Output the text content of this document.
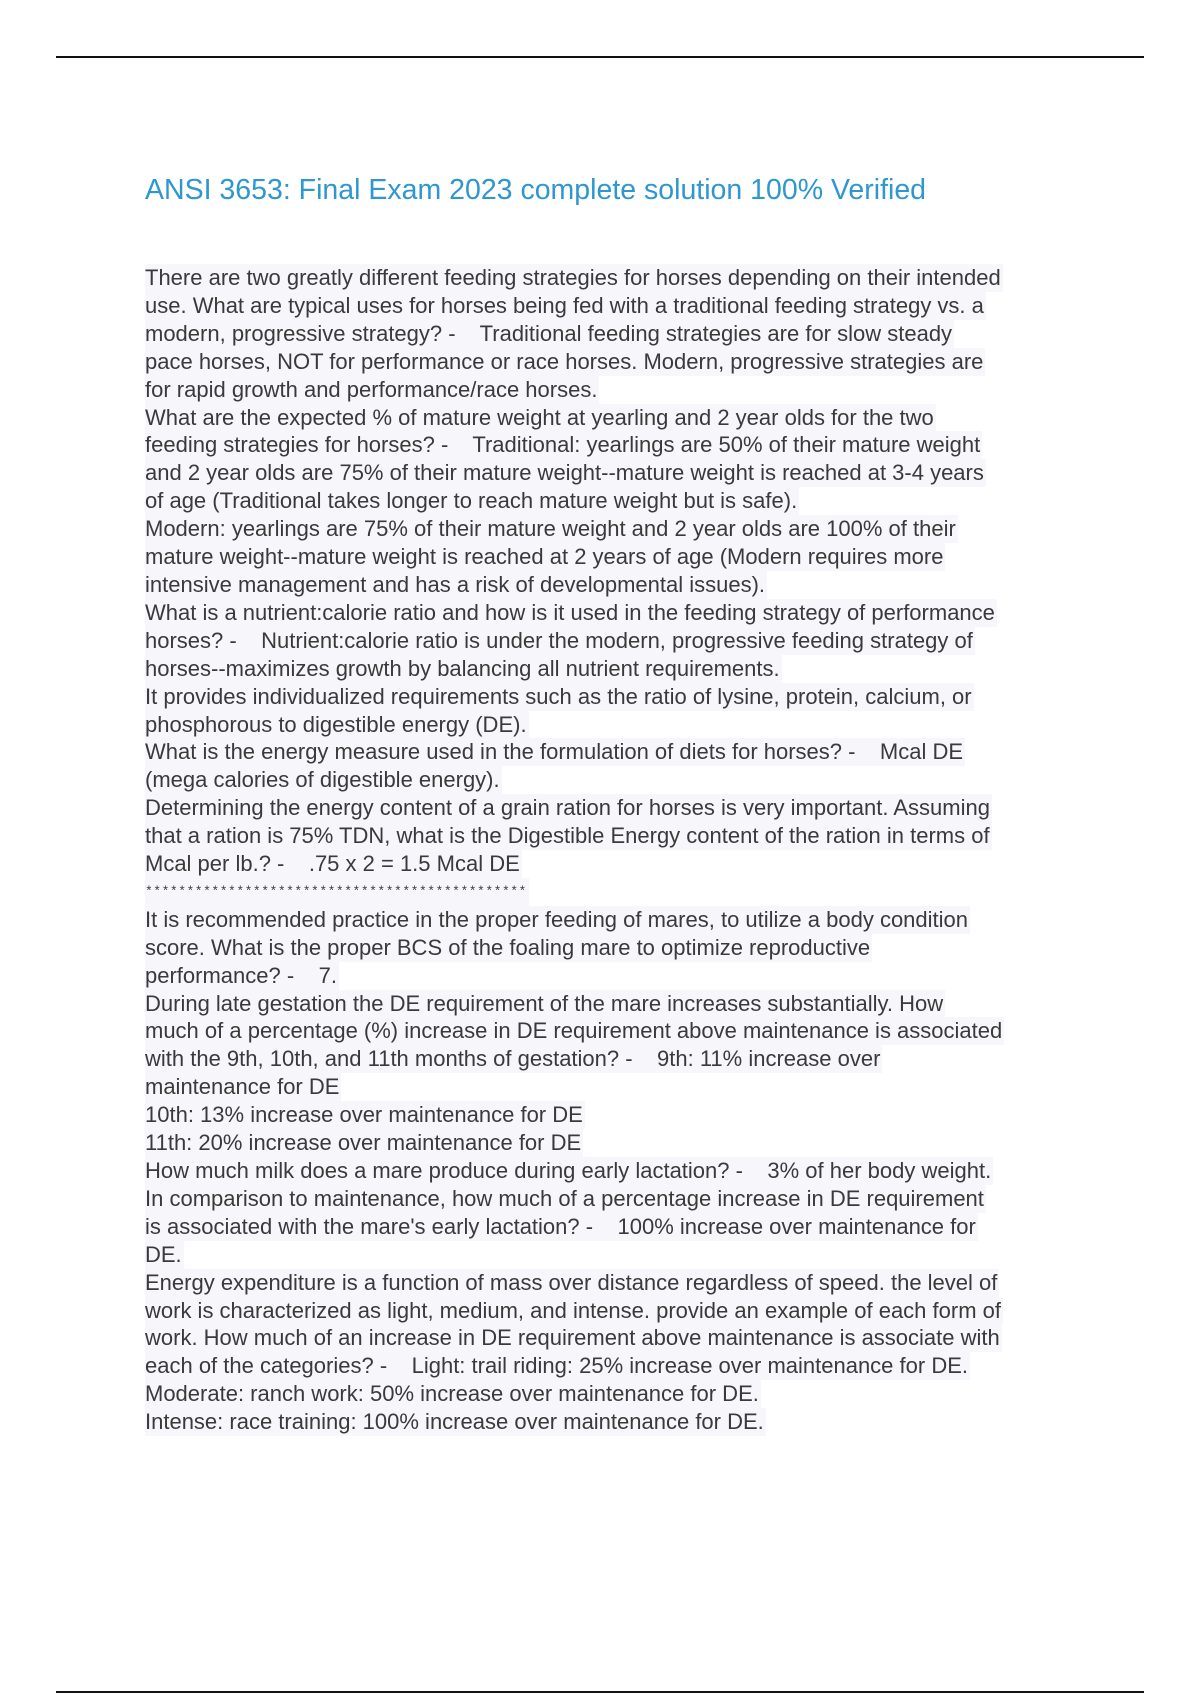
ANSI 3653: Final Exam 2023 complete solution 100% Verified
There are two greatly different feeding strategies for horses depending on their intended
use. What are typical uses for horses being fed with a traditional feeding strategy vs. a
modern, progressive strategy? -    Traditional feeding strategies are for slow steady
pace horses, NOT for performance or race horses. Modern, progressive strategies are
for rapid growth and performance/race horses.
What are the expected % of mature weight at yearling and 2 year olds for the two
feeding strategies for horses? -    Traditional: yearlings are 50% of their mature weight
and 2 year olds are 75% of their mature weight--mature weight is reached at 3-4 years
of age (Traditional takes longer to reach mature weight but is safe).
Modern: yearlings are 75% of their mature weight and 2 year olds are 100% of their
mature weight--mature weight is reached at 2 years of age (Modern requires more
intensive management and has a risk of developmental issues).
What is a nutrient:calorie ratio and how is it used in the feeding strategy of performance
horses? -    Nutrient:calorie ratio is under the modern, progressive feeding strategy of
horses--maximizes growth by balancing all nutrient requirements.
It provides individualized requirements such as the ratio of lysine, protein, calcium, or
phosphorous to digestible energy (DE).
What is the energy measure used in the formulation of diets for horses? -    Mcal DE
(mega calories of digestible energy).
Determining the energy content of a grain ration for horses is very important. Assuming
that a ration is 75% TDN, what is the Digestible Energy content of the ration in terms of
Mcal per lb.? -    .75 x 2 = 1.5 Mcal DE
**********************************************
It is recommended practice in the proper feeding of mares, to utilize a body condition
score. What is the proper BCS of the foaling mare to optimize reproductive
performance? -    7.
During late gestation the DE requirement of the mare increases substantially. How
much of a percentage (%) increase in DE requirement above maintenance is associated
with the 9th, 10th, and 11th months of gestation? -    9th: 11% increase over
maintenance for DE
10th: 13% increase over maintenance for DE
11th: 20% increase over maintenance for DE
How much milk does a mare produce during early lactation? -    3% of her body weight.
In comparison to maintenance, how much of a percentage increase in DE requirement
is associated with the mare's early lactation? -    100% increase over maintenance for
DE.
Energy expenditure is a function of mass over distance regardless of speed. the level of
work is characterized as light, medium, and intense. provide an example of each form of
work. How much of an increase in DE requirement above maintenance is associate with
each of the categories? -    Light: trail riding: 25% increase over maintenance for DE.
Moderate: ranch work: 50% increase over maintenance for DE.
Intense: race training: 100% increase over maintenance for DE.
